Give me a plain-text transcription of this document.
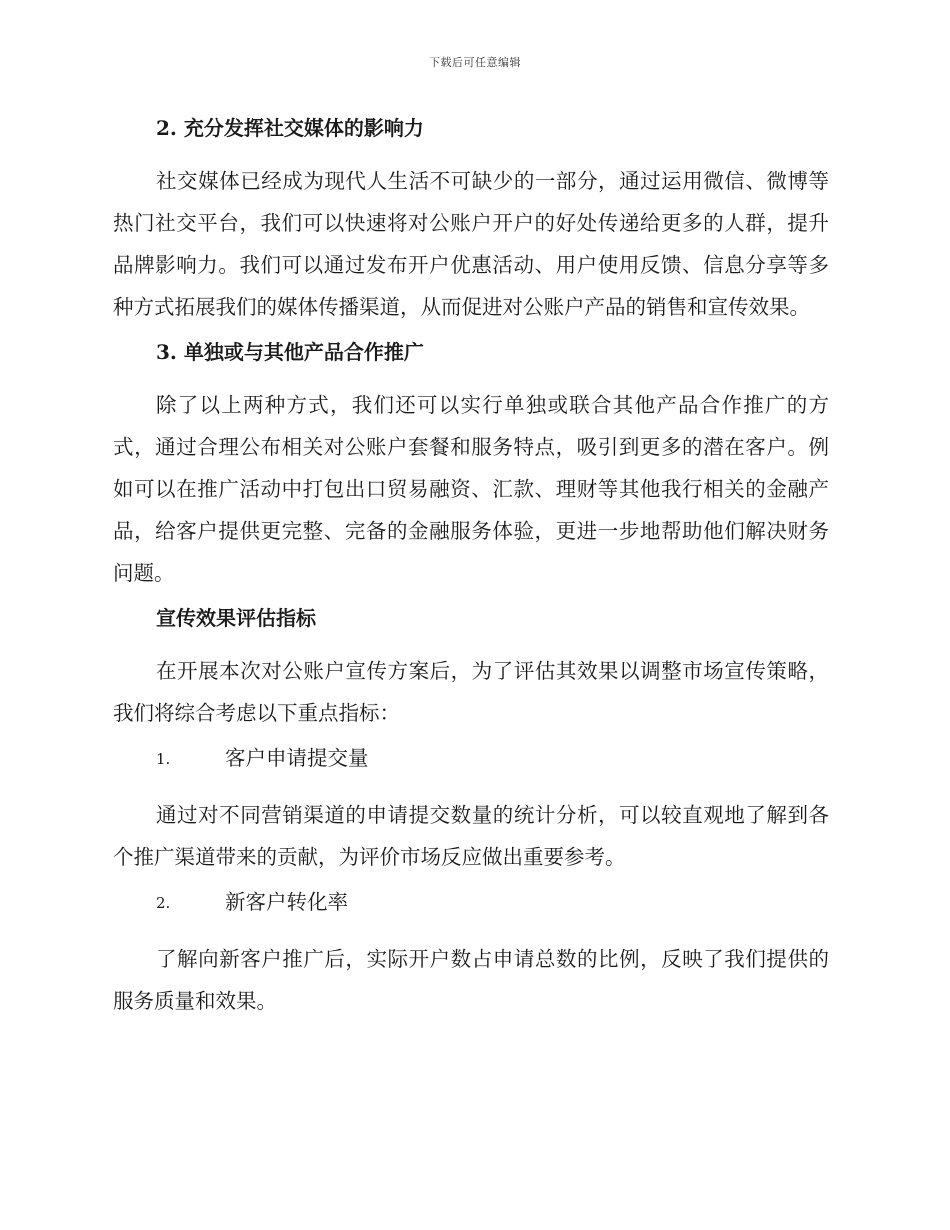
下载后可任意编辑
2. 充分发挥社交媒体的影响力

社交媒体已经成为现代人生活不可缺少的一部分，通过运用微信、微博等热门社交平台，我们可以快速将对公账户开户的好处传递给更多的人群，提升品牌影响力。我们可以通过发布开户优惠活动、用户使用反馈、信息分享等多种方式拓展我们的媒体传播渠道，从而促进对公账户产品的销售和宣传效果。

3. 单独或与其他产品合作推广

除了以上两种方式，我们还可以实行单独或联合其他产品合作推广的方式，通过合理公布相关对公账户套餐和服务特点，吸引到更多的潜在客户。例如可以在推广活动中打包出口贸易融资、汇款、理财等其他我行相关的金融产品，给客户提供更完整、完备的金融服务体验，更进一步地帮助他们解决财务问题。

宣传效果评估指标

在开展本次对公账户宣传方案后，为了评估其效果以调整市场宣传策略，我们将综合考虑以下重点指标：

1.	客户申请提交量

通过对不同营销渠道的申请提交数量的统计分析，可以较直观地了解到各个推广渠道带来的贡献，为评价市场反应做出重要参考。

2.	新客户转化率

了解向新客户推广后，实际开户数占申请总数的比例，反映了我们提供的服务质量和效果。
